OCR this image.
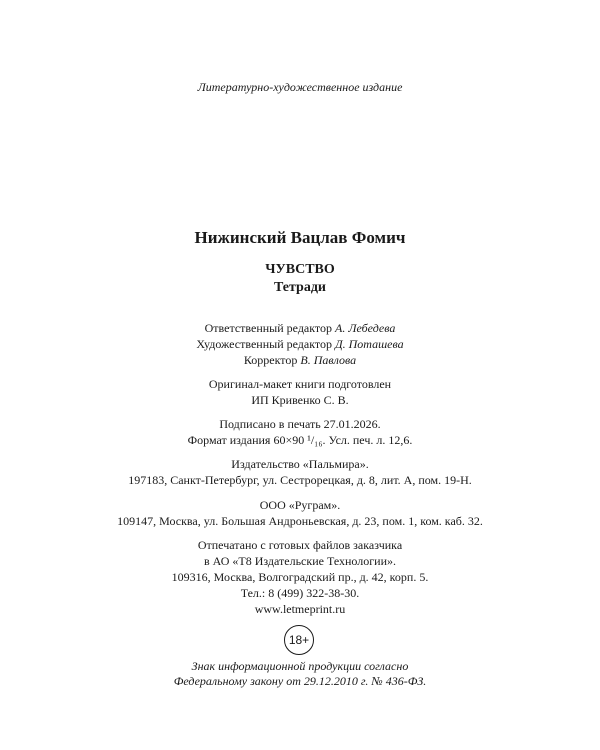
Литературно-художественное издание
Нижинский Вацлав Фомич
ЧУВСТВО
Тетради
Ответственный редактор А. Лебедева
Художественный редактор Д. Поташева
Корректор В. Павлова
Оригинал-макет книги подготовлен
ИП Кривенко С. В.
Подписано в печать 27.01.2026.
Формат издания 60×90 ¹/₁₆. Усл. печ. л. 12,6.
Издательство «Пальмира».
197183, Санкт-Петербург, ул. Сестрорецкая, д. 8, лит. А, пом. 19-Н.
ООО «Руграм».
109147, Москва, ул. Большая Андроньевская, д. 23, пом. 1, ком. каб. 32.
Отпечатано с готовых файлов заказчика
в АО «Т8 Издательские Технологии».
109316, Москва, Волгоградский пр., д. 42, корп. 5.
Тел.: 8 (499) 322-38-30.
www.letmeprint.ru
18+
Знак информационной продукции согласно
Федеральному закону от 29.12.2010 г. № 436-ФЗ.
